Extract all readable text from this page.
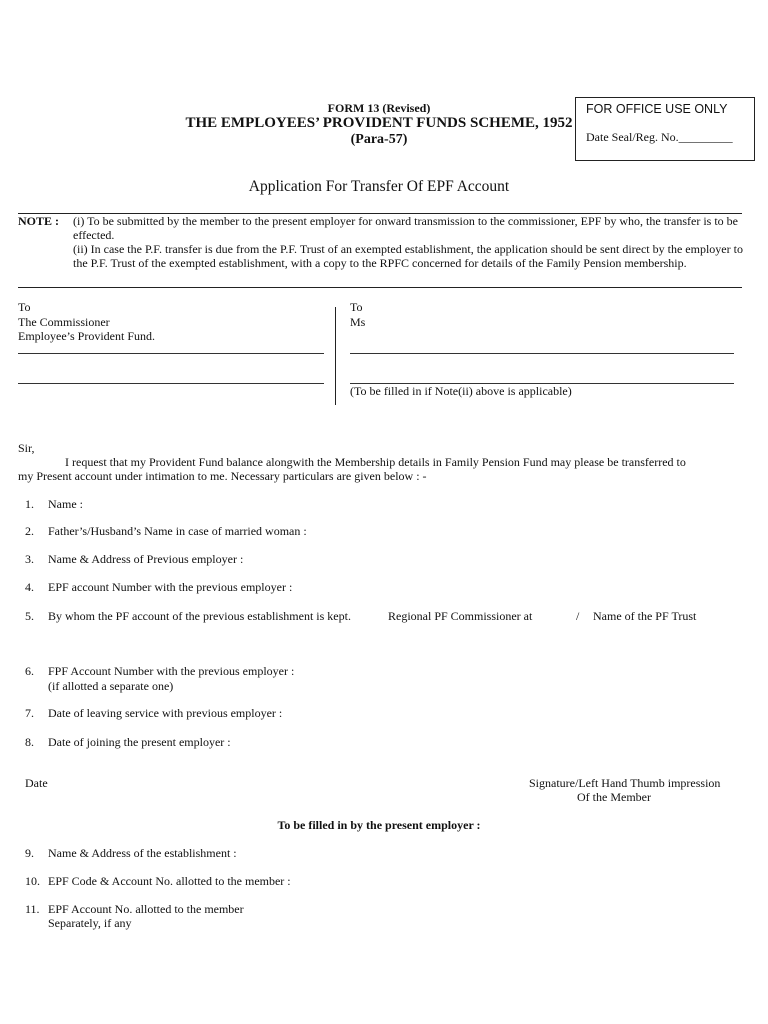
FORM 13 (Revised)
THE EMPLOYEES’ PROVIDENT FUNDS SCHEME, 1952
(Para-57)
FOR OFFICE USE ONLY
Date Seal/Reg. No._________
Application For Transfer Of EPF Account
NOTE : (i) To be submitted by the member to the present employer for onward transmission to the commissioner, EPF by who, the transfer is to be effected.
(ii) In case the P.F. transfer is due from the P.F. Trust of an exempted establishment, the application should be sent direct by the employer to the P.F. Trust of the exempted establishment, with a copy to the RPFC concerned for details of the Family Pension membership.
To
The Commissioner
Employee’s Provident Fund.
To
Ms
(To be filled in if Note(ii) above is applicable)
Sir,
I request that my Provident Fund balance alongwith the Membership details in Family Pension Fund may please be transferred to
my Present account under intimation to me. Necessary particulars are given below : -
1. Name :
2. Father’s/Husband’s Name in case of married woman :
3. Name & Address of Previous employer :
4. EPF account Number with the previous employer :
5. By whom the PF account of the previous establishment is kept.	Regional PF Commissioner at	/ Name of the PF Trust
6. FPF Account Number with the previous employer :
(if allotted a separate one)
7. Date of leaving service with previous employer :
8. Date of joining the present employer :
Date	Signature/Left Hand Thumb impression
Of the Member
To be filled in by the present employer :
9. Name & Address of the establishment :
10. EPF Code & Account No. allotted to the member :
11. EPF Account No. allotted to the member
Separately, if any
